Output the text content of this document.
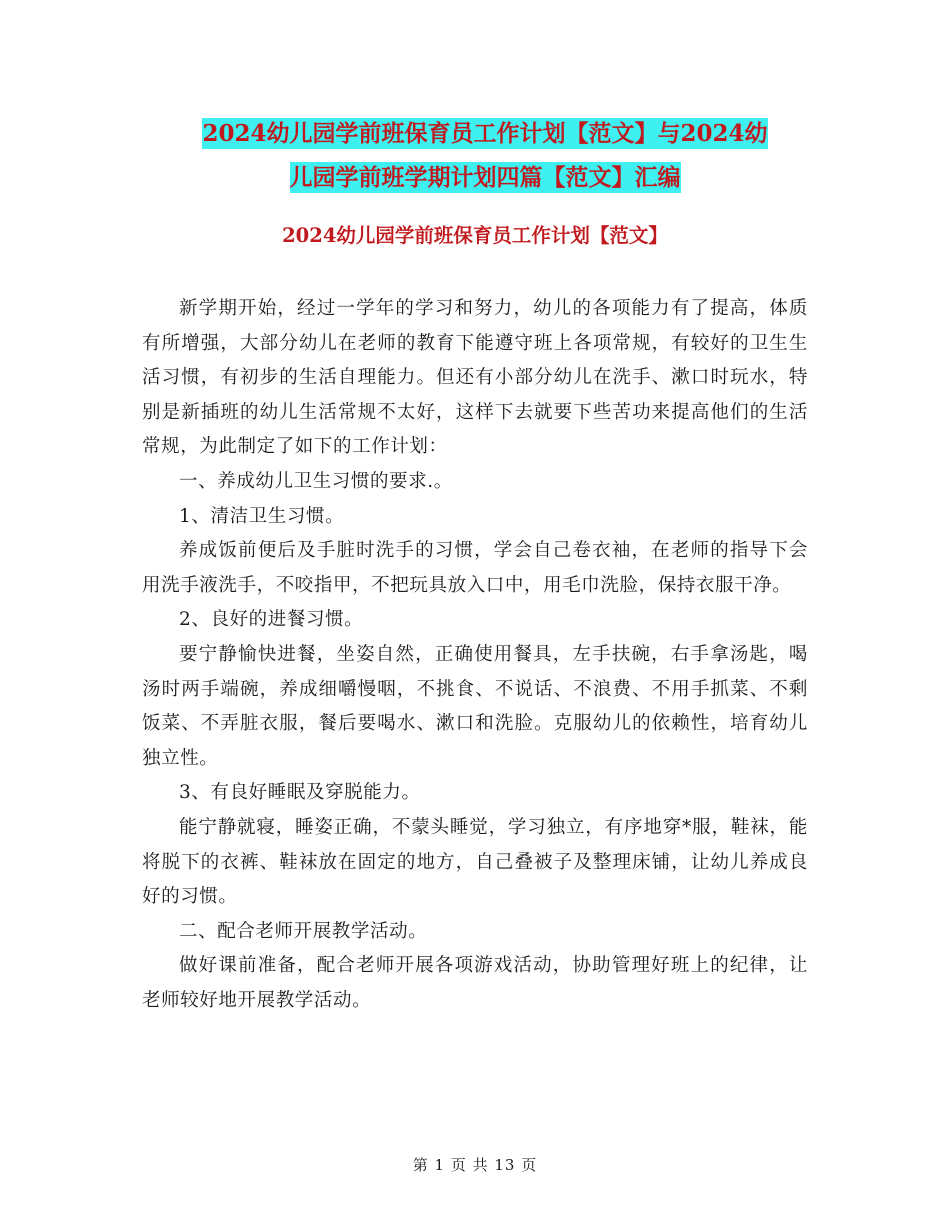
2024幼儿园学前班保育员工作计划【范文】与2024幼
儿园学前班学期计划四篇【范文】汇编
2024幼儿园学前班保育员工作计划【范文】

新学期开始，经过一学年的学习和努力，幼儿的各项能力有了提高，体质有所增强，大部分幼儿在老师的教育下能遵守班上各项常规，有较好的卫生生活习惯，有初步的生活自理能力。但还有小部分幼儿在洗手、漱口时玩水，特别是新插班的幼儿生活常规不太好，这样下去就要下些苦功来提高他们的生活常规，为此制定了如下的工作计划：

一、养成幼儿卫生习惯的要求.。

1、清洁卫生习惯。

养成饭前便后及手脏时洗手的习惯，学会自己卷衣袖，在老师的指导下会用洗手液洗手，不咬指甲，不把玩具放入口中，用毛巾洗脸，保持衣服干净。

2、良好的进餐习惯。

要宁静愉快进餐，坐姿自然，正确使用餐具，左手扶碗，右手拿汤匙，喝汤时两手端碗，养成细嚼慢咽，不挑食、不说话、不浪费、不用手抓菜、不剩饭菜、不弄脏衣服，餐后要喝水、漱口和洗脸。克服幼儿的依赖性，培育幼儿独立性。

3、有良好睡眠及穿脱能力。

能宁静就寝，睡姿正确，不蒙头睡觉，学习独立，有序地穿*服，鞋袜，能将脱下的衣裤、鞋袜放在固定的地方，自己叠被子及整理床铺，让幼儿养成良好的习惯。

二、配合老师开展教学活动。

做好课前准备，配合老师开展各项游戏活动，协助管理好班上的纪律，让老师较好地开展教学活动。

第 1 页 共 13 页
